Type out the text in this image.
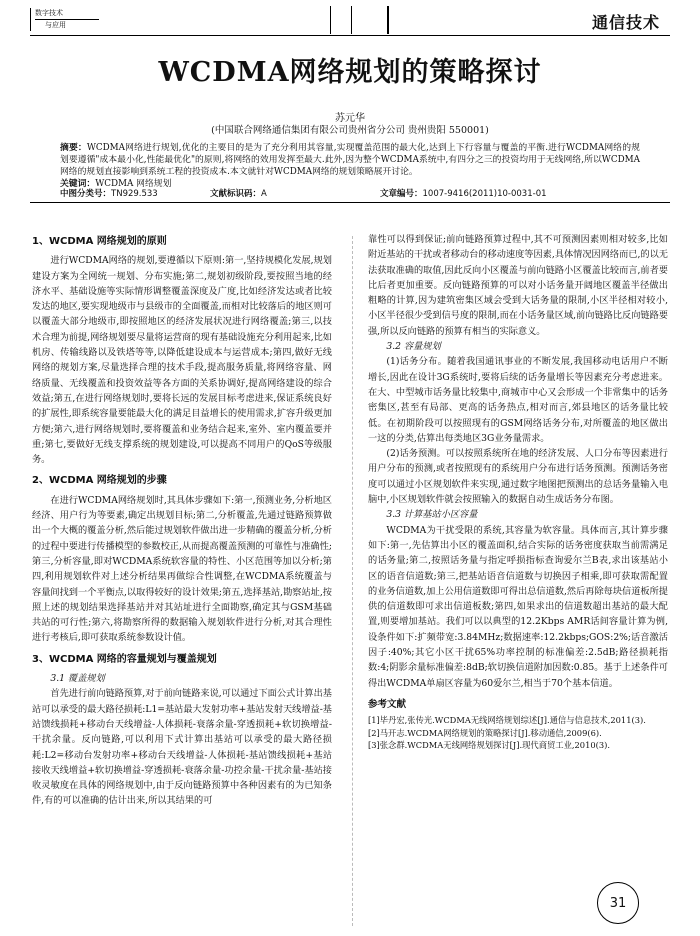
数字技术
与应用	通信技术
WCDMA网络规划的策略探讨
苏元华
(中国联合网络通信集团有限公司贵州省分公司 贵州贵阳 550001)
摘要：WCDMA网络进行规划,优化的主要目的是为了充分利用其容量,实现覆盖范围的最大化,达到上下行容量与覆盖的平衡.进行WCDMA网络的规划要遵循"成本最小化,性能最优化"的原则,将网络的效用发挥至最大.此外,因为整个WCDMA系统中,有四分之三的投资均用于无线网络,所以WCDMA网络的规划直接影响到系统工程的投资成本.本文就针对WCDMA网络的规划策略展开讨论。
关键词：WCDMA 网络规划
中图分类号：TN929.533	文献标识码：A	文章编号：1007-9416(2011)10-0031-01
1、WCDMA 网络规划的原则

进行WCDMA网络的规划,要遵循以下原则:第一,坚持规模化发展,规划建设方案为全网统一规划、分布实施;第二,规划初级阶段,要按照当地的经济水平、基础设施等实际情形调整覆盖深度及广度,比如经济发达或者比较发达的地区,要实现地级市与县级市的全面覆盖,而相对比较落后的地区则可以覆盖大部分地级市,即按照地区的经济发展状况进行网络覆盖;第三,以技术合理为前提,网络规划要尽量将运营商的现有基础设施充分利用起来,比如机房、传输线路以及铁塔等等,以降低建设成本与运营成本;第四,做好无线网络的规划方案,尽量选择合理的技术手段,提高服务质量,将网络容量、网络质量、无线覆盖和投资效益等各方面的关系协调好,提高网络建设的综合效益;第五,在进行网络规划时,要将长远的发展目标考虑进来,保证系统良好的扩展性,即系统容量要能最大化的满足目益增长的使用需求,扩容升级更加方便;第六,进行网络规划时,要将覆盖和业务结合起来,室外、室内覆盖要并重;第七,要做好无线支撑系统的规划建设,可以提高不同用户的QoS等级服务。

2、WCDMA 网络规划的步骤

在进行WCDMA网络规划时,其具体步骤如下:第一,预测业务,分析地区经济、用户行为等要素,确定出规划目标;第二,分析覆盖,先通过链路预算做出一个大概的覆盖分析,然后能过规划软件做出进一步精确的覆盖分析,分析的过程中要进行传播模型的参数校正,从而提高覆盖预测的可靠性与准确性;第三,分析容量,即对WCDMA系统软容量的特性、小区范围等加以分析;第四,利用规划软件对上述分析结果再做综合性调整,在WCDMA系统覆盖与容量间找到一个平衡点,以取得较好的设计效果;第五,选择基站,勘察站址,按照上述的规划结果选择基站并对其站址进行全面勘察,确定其与GSM基础共站的可行性;第六,将勘察所得的数据输入规划软件进行分析,对其合理性进行考核后,即可获取系统参数设计值。

3、WCDMA 网络的容量规划与覆盖规划
3.1 覆盖规划

首先进行前向链路预算,对于前向链路来说,可以通过下面公式计算出基站可以承受的最大路径损耗:L1=基站最大发射功率+基站发射天线增益-基站馈线损耗+移动台天线增益-人体损耗-衰落余量-穿透损耗+软切换增益-干扰余量。反向链路,可以利用下式计算出基站可以承受的最大路径损耗:L2=移动台发射功率+移动台天线增益-人体损耗-基站馈线损耗+基站接收天线增益+软切换增益-穿透损耗-衰落余量-功控余量-干扰余量-基站接收灵敏度在具体的网络规划中,由于反向链路预算中各种因素有的为已知条件,有的可以准确的估计出来,所以其结果的可

靠性可以得到保证;前向链路预算过程中,其不可预测因素则相对较多,比如附近基站的干扰或者移动台的移动速度等因素,具体情况因网络而已,的以无法获取准确的取值,因此反向小区覆盖与前向链路小区覆盖比较而言,前者要比后者更加重要。反向链路预算的可以对小话务量开阔地区覆盖半径做出粗略的计算,因为建筑密集区域会受到大话务量的限制,小区半径相对较小,小区半径很少受到信号度的限制,而在小话务量区域,前向链路比反向链路要强,所以反向链路的预算有相当的实际意义。

3.2 容量规划

(1)话务分布。随着我国通讯事业的不断发展,我国移动电话用户不断增长,因此在设计3G系统时,要将后续的话务量增长等因素充分考虑进来。在大、中型城市话务量比较集中,商城市中心又会形成一个非常集中的话务密集区,甚至有局部、更高的话务热点,相对而言,郊县地区的话务量比较低。在初期阶段可以按照现有的GSM网络话务分布,对所覆盖的地区做出一这的分类,估算出每类地区3G业务量需求。

(2)话务预测。可以按照系统所在地的经济发展、人口分布等因素进行用户分布的预测,或者按照现有的系统用户分布进行话务预测。预测话务密度可以通过小区规划软件来实现,通过数字地图把预测出的总话务量输入电脑中,小区规划软件就会按照输入的数据自动生成话务分布图。

3.3 计算基站小区容量

WCDMA为干扰受限的系统,其容量为软容量。具体而言,其计算步骤如下:第一,先估算出小区的覆盖面积,结合实际的话务密度获取当前需满足的话务量;第二,按照话务量与指定呼损指标查询爱尔兰B表,求出该基站小区的语音信道数;第三,把基站语音信道数与切换因子相乘,即可获取需配置的业务信道数,加上公用信道数即可得出总信道数,然后再除每块信道板所提供的信道数即可求出信道板数;第四,如果求出的信道数超出基站的最大配置,则要增加基站。我们可以以典型的12.2Kbps AMR话间容量计算为例,设条件如下:扩频带宽:3.84MHz;数据速率:12.2kbps;GOS:2%;话音激活因子:40%;其它小区干扰65%功率控制的标准偏差:2.5dB;路径损耗指数:4;阴影余量标准偏差:8dB;软切换信道附加因数:0.85。基于上述条件可得出WCDMA单扇区容量为60爱尔兰,相当于70个基本信道。

参考文献

[1]毕丹宏,张传光.WCDMA无线网络规划综述[J].通信与信息技术,2011(3).

[2]马开志.WCDMA网络规划的策略探讨[J].移动通信,2009(6).

[3]张念群.WCDMA无线网络规划探讨[J].现代商贸工业,2010(3).

31
